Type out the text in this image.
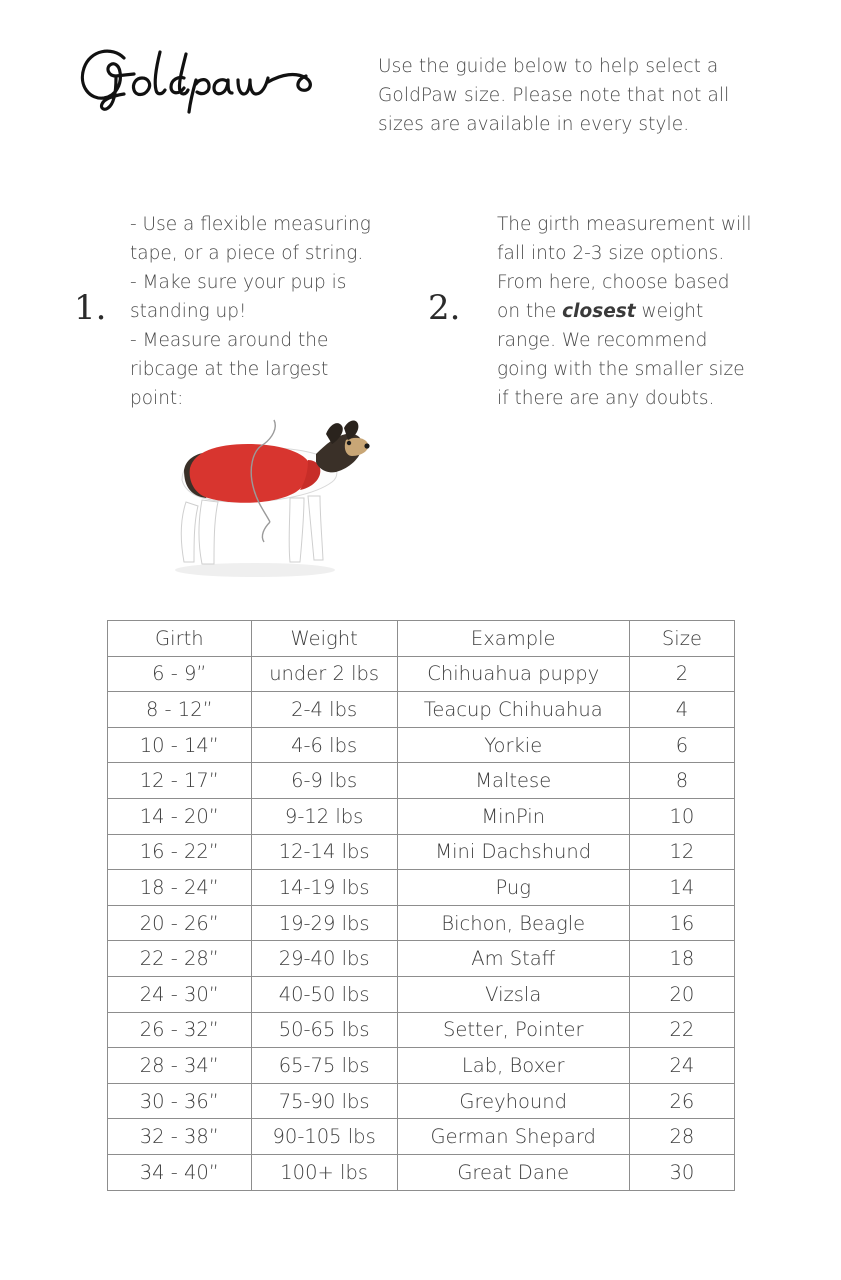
Use the guide below to help select a GoldPaw size. Please note that not all sizes are available in every style.
1.
- Use a flexible measuring
tape, or a piece of string.
- Make sure your pup is
standing up!
- Measure around the
ribcage at the largest
point:
2.
The girth measurement will fall into 2-3 size options. From here, choose based on the closest weight range. We recommend going with the smaller size if there are any doubts.
Girth	Weight	Example	Size
6 - 9”	under 2 lbs	Chihuahua puppy	2
8 - 12”	2-4 lbs	Teacup Chihuahua	4
10 - 14”	4-6 lbs	Yorkie	6
12 - 17”	6-9 lbs	Maltese	8
14 - 20”	9-12 lbs	MinPin	10
16 - 22”	12-14 lbs	Mini Dachshund	12
18 - 24”	14-19 lbs	Pug	14
20 - 26”	19-29 lbs	Bichon, Beagle	16
22 - 28”	29-40 lbs	Am Staff	18
24 - 30”	40-50 lbs	Vizsla	20
26 - 32”	50-65 lbs	Setter, Pointer	22
28 - 34”	65-75 lbs	Lab, Boxer	24
30 - 36”	75-90 lbs	Greyhound	26
32 - 38”	90-105 lbs	German Shepard	28
34 - 40”	100+ lbs	Great Dane	30
